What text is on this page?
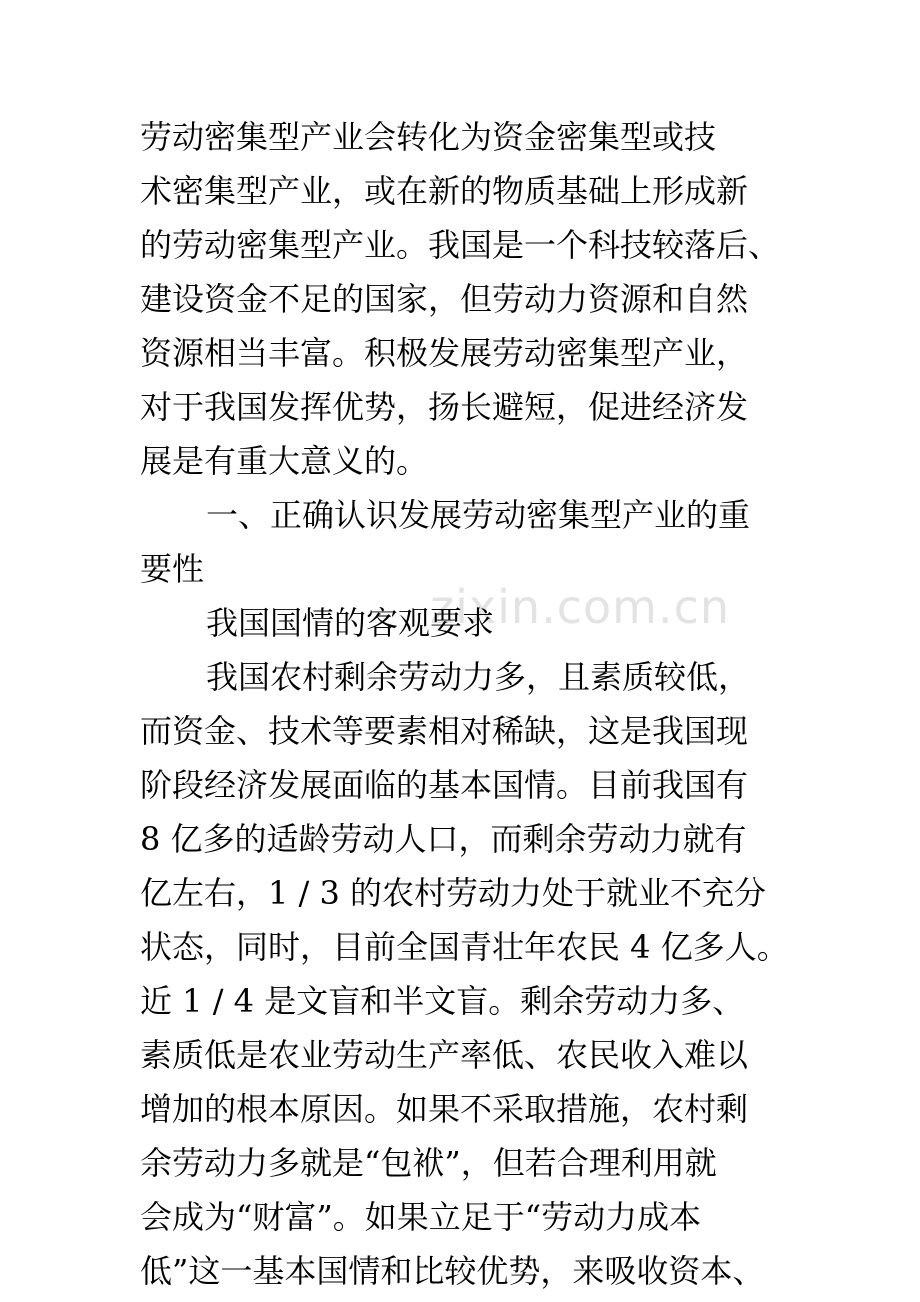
zixin.com.cn
劳动密集型产业会转化为资金密集型或技
术密集型产业，或在新的物质基础上形成新
的劳动密集型产业。我国是一个科技较落后、
建设资金不足的国家，但劳动力资源和自然
资源相当丰富。积极发展劳动密集型产业，
对于我国发挥优势，扬长避短，促进经济发
展是有重大意义的。
一、正确认识发展劳动密集型产业的重
要性
我国国情的客观要求
我国农村剩余劳动力多，且素质较低，
而资金、技术等要素相对稀缺，这是我国现
阶段经济发展面临的基本国情。目前我国有
8 亿多的适龄劳动人口，而剩余劳动力就有
亿左右，1 / 3 的农村劳动力处于就业不充分
状态，同时，目前全国青壮年农民 4 亿多人。
近 1 / 4 是文盲和半文盲。剩余劳动力多、
素质低是农业劳动生产率低、农民收入难以
增加的根本原因。如果不采取措施，农村剩
余劳动力多就是“包袱”，但若合理利用就
会成为“财富”。如果立足于“劳动力成本
低”这一基本国情和比较优势，来吸收资本、
